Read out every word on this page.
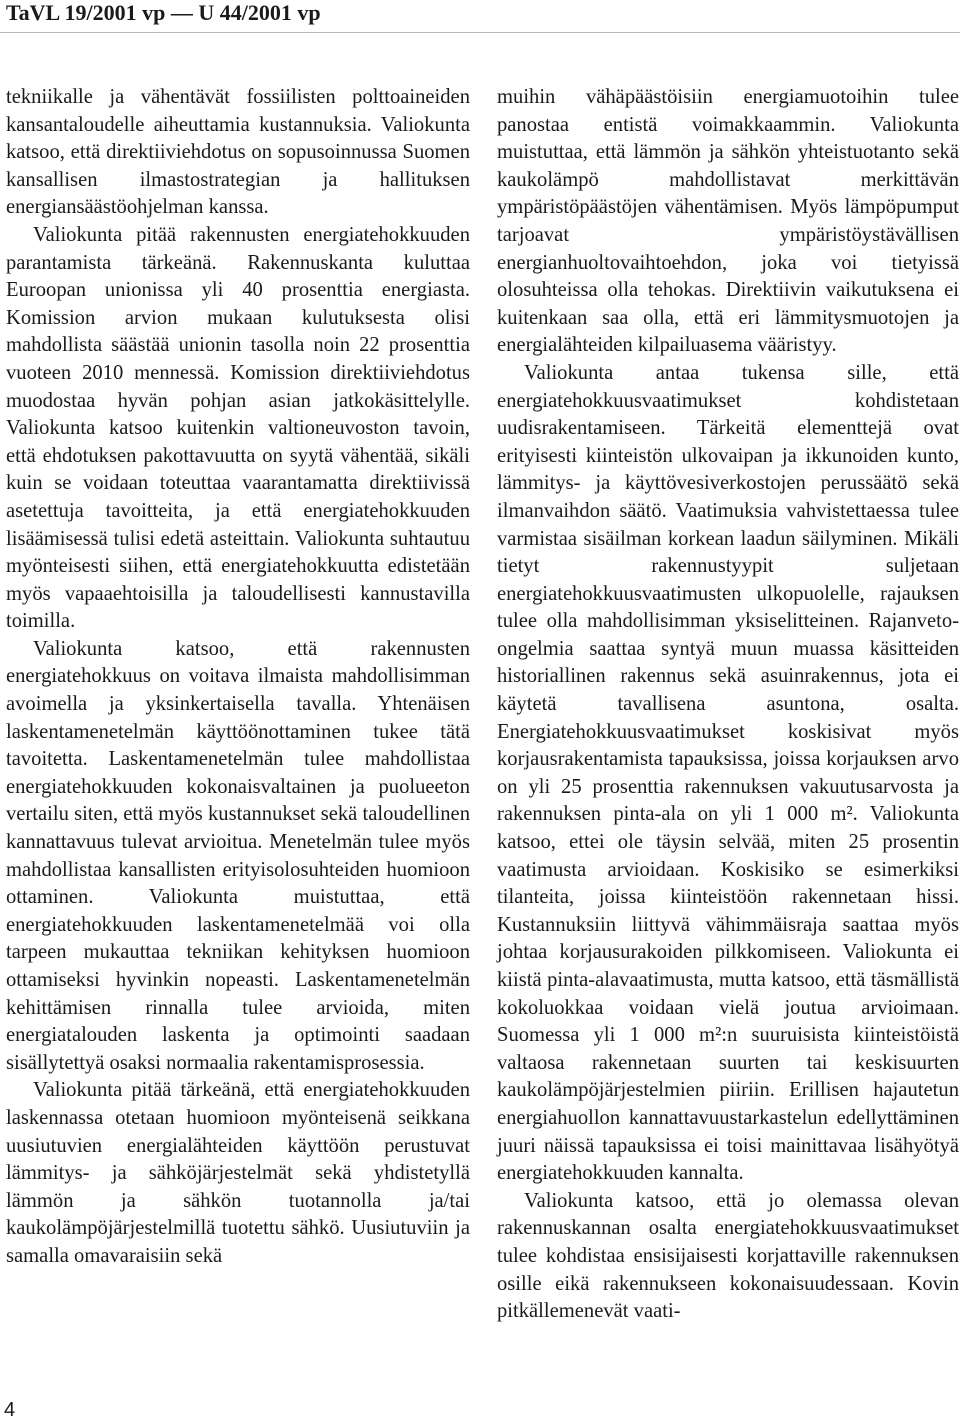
TaVL 19/2001 vp — U 44/2001 vp

tekniikalle ja vähentävät fossiilisten polttoaineiden kansantaloudelle aiheuttamia kustannuksia. Valiokunta katsoo, että direktiiviehdotus on sopusoinnussa Suomen kansallisen ilmastostrategian ja hallituksen energiansäästöohjelman kanssa.

Valiokunta pitää rakennusten energiatehokkuuden parantamista tärkeänä. Rakennuskanta kuluttaa Euroopan unionissa yli 40 prosenttia energiasta. Komission arvion mukaan kulutuksesta olisi mahdollista säästää unionin tasolla noin 22 prosenttia vuoteen 2010 mennessä. Komission direktiiviehdotus muodostaa hyvän pohjan asian jatkokäsittelylle. Valiokunta katsoo kuitenkin valtioneuvoston tavoin, että ehdotuksen pakottavuutta on syytä vähentää, sikäli kuin se voidaan toteuttaa vaarantamatta direktiivissä asetettuja tavoitteita, ja että energiatehokkuuden lisäämisessä tulisi edetä asteittain. Valiokunta suhtautuu myönteisesti siihen, että energiatehokkuutta edistetään myös vapaaehtoisilla ja taloudellisesti kannustavilla toimilla.

Valiokunta katsoo, että rakennusten energiatehokkuus on voitava ilmaista mahdollisimman avoimella ja yksinkertaisella tavalla. Yhtenäisen laskentamenetelmän käyttöönottaminen tukee tätä tavoitetta. Laskentamenetelmän tulee mahdollistaa energiatehokkuuden kokonaisvaltainen ja puolueeton vertailu siten, että myös kustannukset sekä taloudellinen kannattavuus tulevat arvioitua. Menetelmän tulee myös mahdollistaa kansallisten erityisolosuhteiden huomioon ottaminen. Valiokunta muistuttaa, että energiatehokkuuden laskentamenetelmää voi olla tarpeen mukauttaa tekniikan kehityksen huomioon ottamiseksi hyvinkin nopeasti. Laskentamenetelmän kehittämisen rinnalla tulee arvioida, miten energiatalouden laskenta ja optimointi saadaan sisällytettyä osaksi normaalia rakentamisprosessia.

Valiokunta pitää tärkeänä, että energiatehokkuuden laskennassa otetaan huomioon myönteisenä seikkana uusiutuvien energialähteiden käyttöön perustuvat lämmitys- ja sähköjärjestelmät sekä yhdistetyllä lämmön ja sähkön tuotannolla ja/tai kaukolämpöjärjestelmillä tuotettu sähkö. Uusiutuviin ja samalla omavaraisiin sekä

muihin vähäpäästöisiin energiamuotoihin tulee panostaa entistä voimakkaammin. Valiokunta muistuttaa, että lämmön ja sähkön yhteistuotanto sekä kaukolämpö mahdollistavat merkittävän ympäristöpäästöjen vähentämisen. Myös lämpöpumput tarjoavat ympäristöystävällisen energianhuoltovaihtoehdon, joka voi tietyissä olosuhteissa olla tehokas. Direktiivin vaikutuksena ei kuitenkaan saa olla, että eri lämmitysmuotojen ja energialähteiden kilpailuasema vääristyy.

Valiokunta antaa tukensa sille, että energiatehokkuusvaatimukset kohdistetaan uudisrakentamiseen. Tärkeitä elementtejä ovat erityisesti kiinteistön ulkovaipan ja ikkunoiden kunto, lämmitys- ja käyttövesiverkostojen perussäätö sekä ilmanvaihdon säätö. Vaatimuksia vahvistettaessa tulee varmistaa sisäilman korkean laadun säilyminen. Mikäli tietyt rakennustyypit suljetaan energiatehokkuusvaatimusten ulkopuolelle, rajauksen tulee olla mahdollisimman yksiselitteinen. Rajanveto-ongelmia saattaa syntyä muun muassa käsitteiden historiallinen rakennus sekä asuinrakennus, jota ei käytetä tavallisena asuntona, osalta. Energiatehokkuusvaatimukset koskisivat myös korjausrakentamista tapauksissa, joissa korjauksen arvo on yli 25 prosenttia rakennuksen vakuutusarvosta ja rakennuksen pinta-ala on yli 1 000 m². Valiokunta katsoo, ettei ole täysin selvää, miten 25 prosentin vaatimusta arvioidaan. Koskisiko se esimerkiksi tilanteita, joissa kiinteistöön rakennetaan hissi. Kustannuksiin liittyvä vähimmäisraja saattaa myös johtaa korjausurakoiden pilkkomiseen. Valiokunta ei kiistä pinta-alavaatimusta, mutta katsoo, että täsmällistä kokoluokkaa voidaan vielä joutua arvioimaan. Suomessa yli 1 000 m²:n suuruisista kiinteistöistä valtaosa rakennetaan suurten tai keskisuurten kaukolämpöjärjestelmien piiriin. Erillisen hajautetun energiahuollon kannattavuustarkastelun edellyttäminen juuri näissä tapauksissa ei toisi mainittavaa lisähyötyä energiatehokkuuden kannalta.

Valiokunta katsoo, että jo olemassa olevan rakennuskannan osalta energiatehokkuusvaatimukset tulee kohdistaa ensisijaisesti korjattaville rakennuksen osille eikä rakennukseen kokonaisuudessaan. Kovin pitkällemenevät vaati-

4
